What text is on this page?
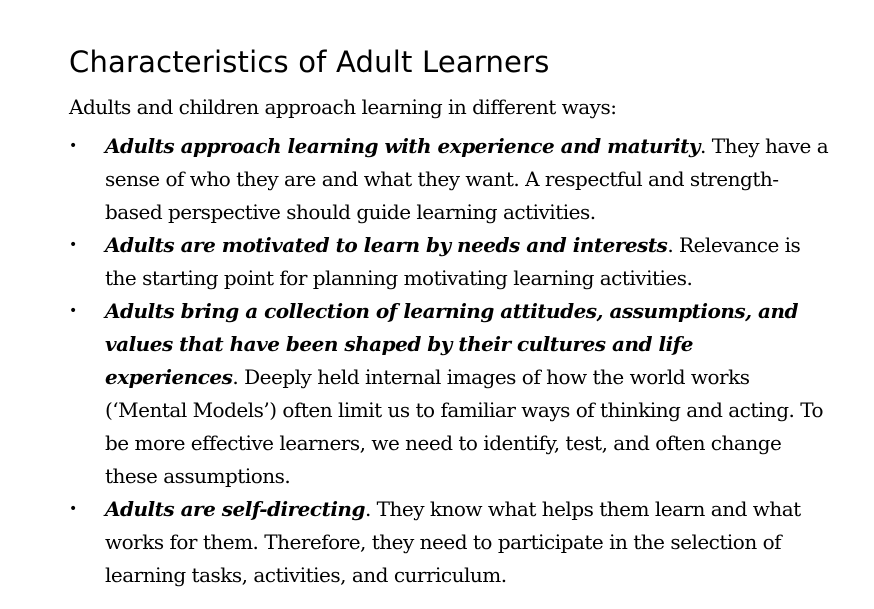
Characteristics of Adult Learners

Adults and children approach learning in different ways:

• Adults approach learning with experience and maturity. They have a sense of who they are and what they want. A respectful and strength-based perspective should guide learning activities.
• Adults are motivated to learn by needs and interests. Relevance is the starting point for planning motivating learning activities.
• Adults bring a collection of learning attitudes, assumptions, and values that have been shaped by their cultures and life experiences. Deeply held internal images of how the world works (‘Mental Models’) often limit us to familiar ways of thinking and acting. To be more effective learners, we need to identify, test, and often change these assumptions.
• Adults are self-directing. They know what helps them learn and what works for them. Therefore, they need to participate in the selection of learning tasks, activities, and curriculum.
